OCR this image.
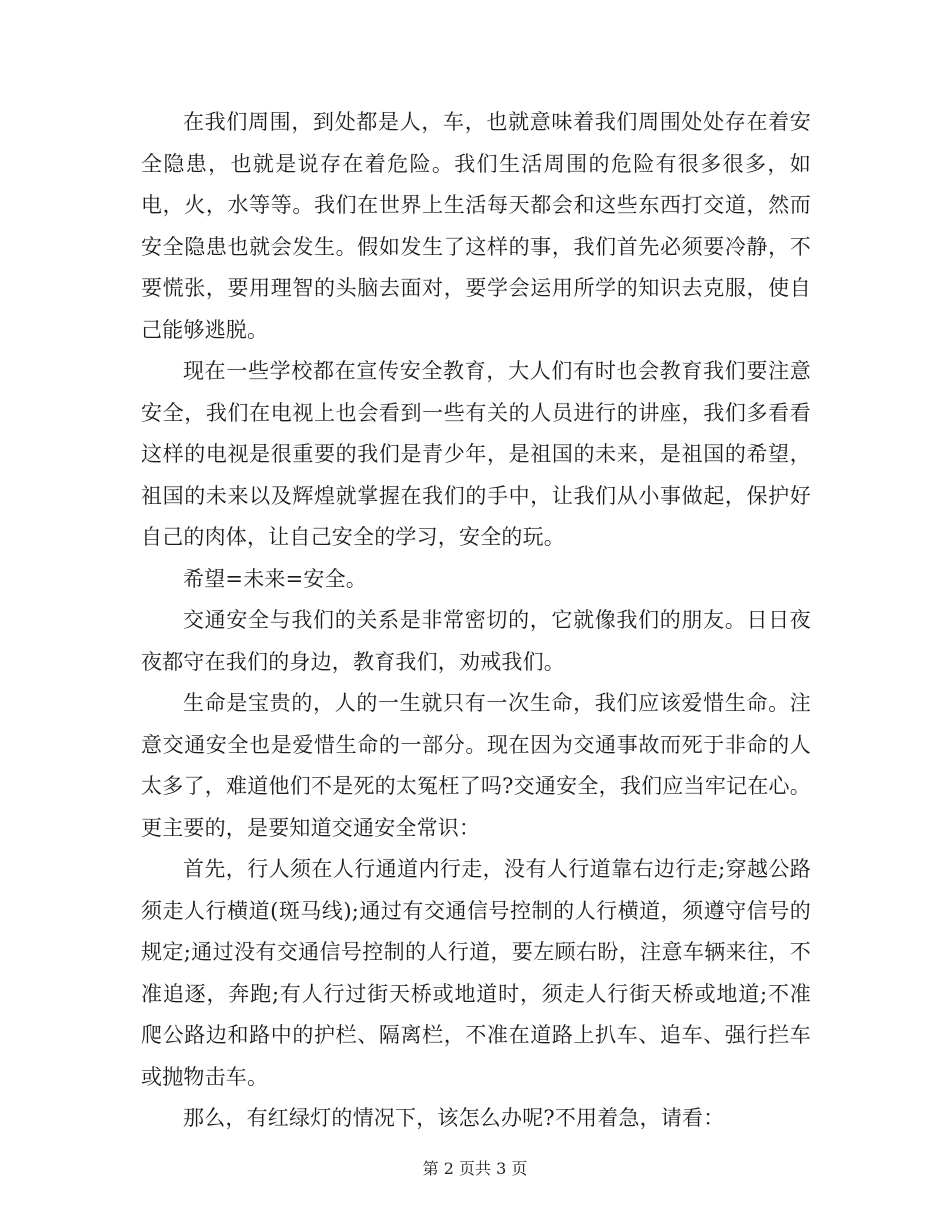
在我们周围，到处都是人，车，也就意味着我们周围处处存在着安全隐患，也就是说存在着危险。我们生活周围的危险有很多很多，如电，火，水等等。我们在世界上生活每天都会和这些东西打交道，然而安全隐患也就会发生。假如发生了这样的事，我们首先必须要冷静，不要慌张，要用理智的头脑去面对，要学会运用所学的知识去克服，使自己能够逃脱。

现在一些学校都在宣传安全教育，大人们有时也会教育我们要注意安全，我们在电视上也会看到一些有关的人员进行的讲座，我们多看看这样的电视是很重要的我们是青少年，是祖国的未来，是祖国的希望，祖国的未来以及辉煌就掌握在我们的手中，让我们从小事做起，保护好自己的肉体，让自己安全的学习，安全的玩。

希望=未来=安全。

交通安全与我们的关系是非常密切的，它就像我们的朋友。日日夜夜都守在我们的身边，教育我们，劝戒我们。

生命是宝贵的，人的一生就只有一次生命，我们应该爱惜生命。注意交通安全也是爱惜生命的一部分。现在因为交通事故而死于非命的人太多了，难道他们不是死的太冤枉了吗?交通安全，我们应当牢记在心。更主要的，是要知道交通安全常识：

首先，行人须在人行通道内行走，没有人行道靠右边行走;穿越公路须走人行横道(斑马线);通过有交通信号控制的人行横道，须遵守信号的规定;通过没有交通信号控制的人行道，要左顾右盼，注意车辆来往，不准追逐，奔跑;有人行过街天桥或地道时，须走人行街天桥或地道;不准爬公路边和路中的护栏、隔离栏，不准在道路上扒车、追车、强行拦车或抛物击车。

那么，有红绿灯的情况下，该怎么办呢?不用着急，请看：

第 2 页共 3 页
